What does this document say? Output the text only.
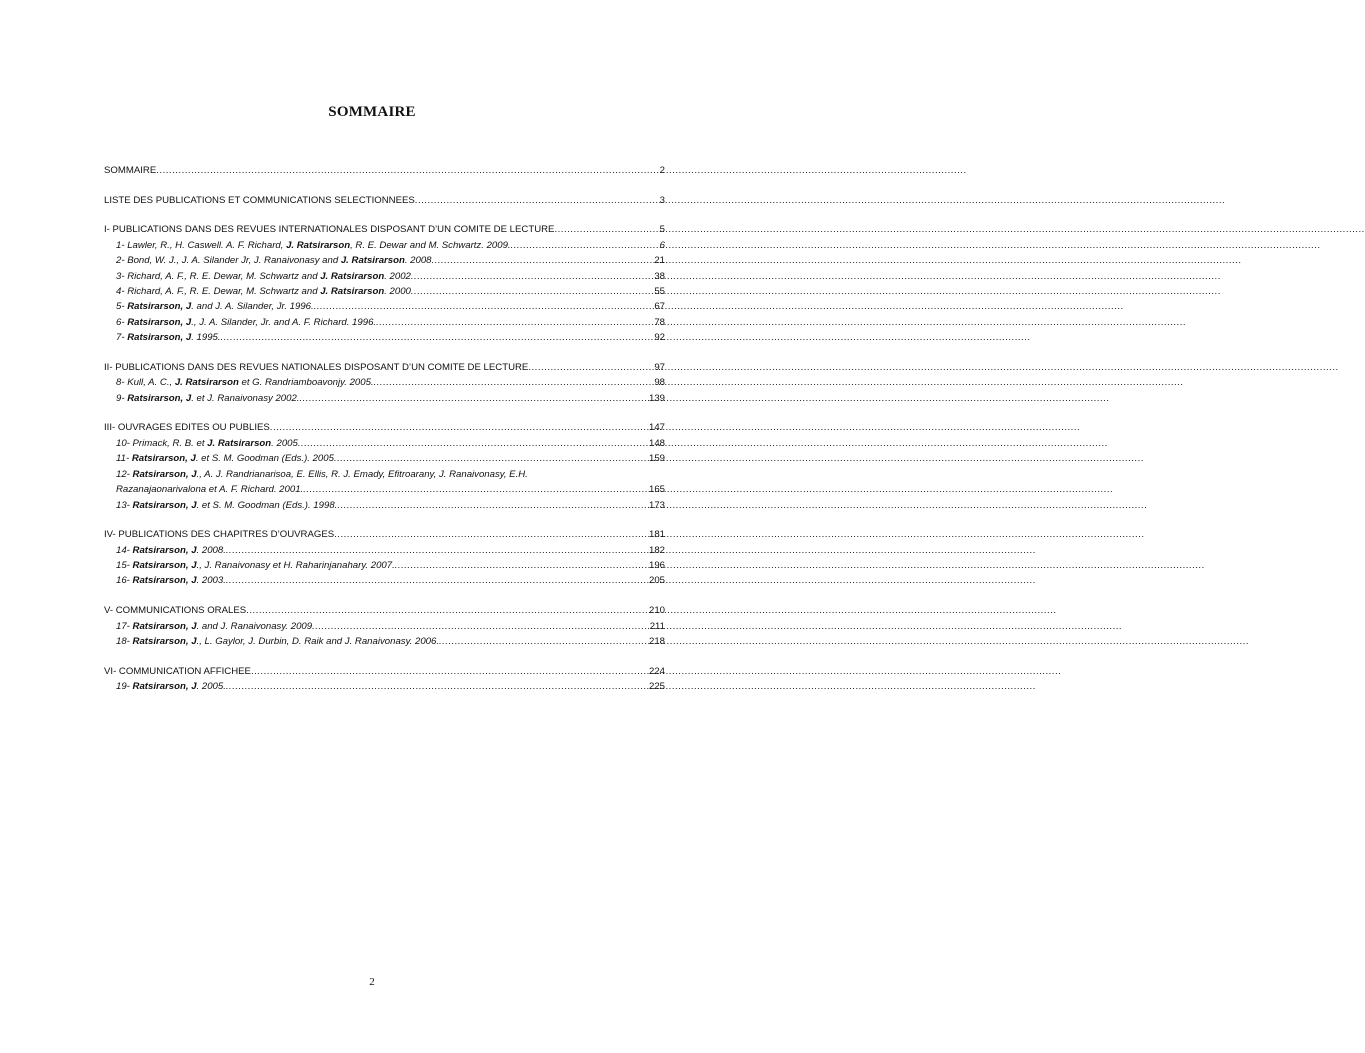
SOMMAIRE
SOMMAIRE .....	2
LISTE DES PUBLICATIONS ET COMMUNICATIONS SELECTIONNEES .....	3
I- PUBLICATIONS DANS DES REVUES INTERNATIONALES DISPOSANT D’UN COMITE DE LECTURE .....	5
1- Lawler, R., H. Caswell. A. F. Richard, J. Ratsirarson, R. E. Dewar and M. Schwartz. 2009. .....	6
2- Bond, W. J., J. A. Silander Jr, J. Ranaivonasy and J. Ratsirarson. 2008 .....	21
3- Richard, A. F., R. E. Dewar, M. Schwartz and J. Ratsirarson. 2002 .....	38
4- Richard, A. F., R. E. Dewar, M. Schwartz and J. Ratsirarson. 2000 .....	55
5- Ratsirarson, J. and J. A. Silander, Jr. 1996. .....	67
6- Ratsirarson, J., J. A. Silander, Jr. and A. F. Richard. 1996. .....	78
7- Ratsirarson, J. 1995. .....	92
II- PUBLICATIONS DANS DES REVUES NATIONALES DISPOSANT D’UN COMITE DE LECTURE .....	97
8- Kull, A. C., J. Ratsirarson et G. Randriamboavonjy. 2005. .....	98
9- Ratsirarson, J. et J. Ranaivonasy 2002. .....	139
III- OUVRAGES EDITES OU PUBLIES .....	147
10- Primack, R. B. et J. Ratsirarson. 2005 .....	148
11- Ratsirarson, J. et S. M. Goodman (Eds.). 2005 .....	159
12- Ratsirarson, J., A. J. Randrianarisoa, E. Ellis, R. J. Emady, Efitroarany, J. Ranaivonasy, E.H.
Razanajaonarivalona et A. F. Richard. 2001. .....	165
13- Ratsirarson, J. et S. M. Goodman (Eds.). 1998. .....	173
IV- PUBLICATIONS DES CHAPITRES D’OUVRAGES .....	181
14- Ratsirarson, J. 2008. .....	182
15- Ratsirarson, J., J. Ranaivonasy et H. Raharinjanahary. 2007. .....	196
16- Ratsirarson, J. 2003. .....	205
V- COMMUNICATIONS ORALES .....	210
17- Ratsirarson, J. and J. Ranaivonasy. 2009 .....	211
18- Ratsirarson, J., L. Gaylor, J. Durbin, D. Raik and J. Ranaivonasy. 2006. .....	218
VI- COMMUNICATION AFFICHEE .....	224
19- Ratsirarson, J. 2005. .....	225
2
